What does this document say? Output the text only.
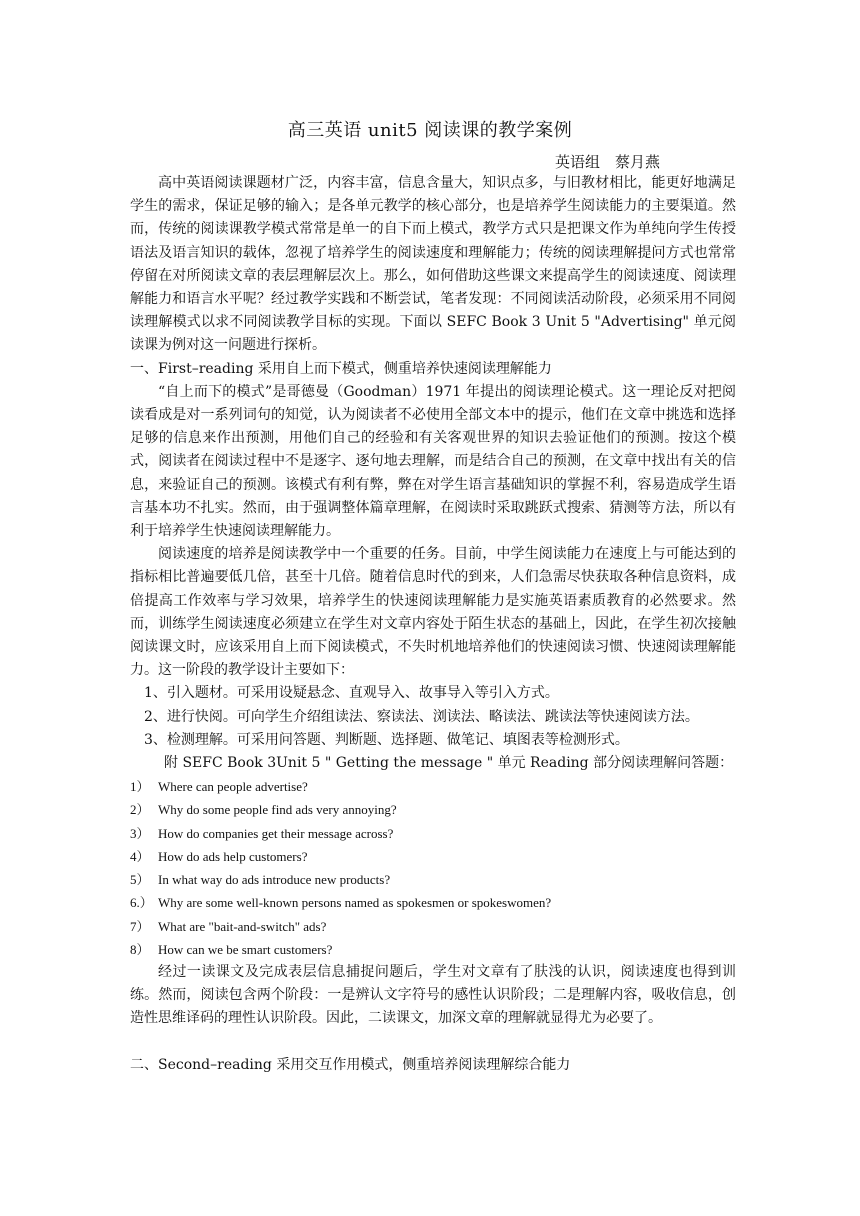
高三英语 unit5 阅读课的教学案例
英语组　蔡月燕

高中英语阅读课题材广泛，内容丰富，信息含量大，知识点多，与旧教材相比，能更好地满足学生的需求，保证足够的输入；是各单元教学的核心部分，也是培养学生阅读能力的主要渠道。然而，传统的阅读课教学模式常常是单一的自下而上模式，教学方式只是把课文作为单纯向学生传授语法及语言知识的载体，忽视了培养学生的阅读速度和理解能力；传统的阅读理解提问方式也常常停留在对所阅读文章的表层理解层次上。那么，如何借助这些课文来提高学生的阅读速度、阅读理解能力和语言水平呢？经过教学实践和不断尝试，笔者发现：不同阅读活动阶段，必须采用不同阅读理解模式以求不同阅读教学目标的实现。下面以 SEFC Book 3 Unit 5 "Advertising" 单元阅读课为例对这一问题进行探析。

一、First–reading 采用自上而下模式，侧重培养快速阅读理解能力

“自上而下的模式”是哥德曼（Goodman）1971 年提出的阅读理论模式。这一理论反对把阅读看成是对一系列词句的知觉，认为阅读者不必使用全部文本中的提示，他们在文章中挑选和选择足够的信息来作出预测，用他们自己的经验和有关客观世界的知识去验证他们的预测。按这个模式，阅读者在阅读过程中不是逐字、逐句地去理解，而是结合自己的预测，在文章中找出有关的信息，来验证自己的预测。该模式有利有弊，弊在对学生语言基础知识的掌握不利，容易造成学生语言基本功不扎实。然而，由于强调整体篇章理解，在阅读时采取跳跃式搜索、猜测等方法，所以有利于培养学生快速阅读理解能力。

阅读速度的培养是阅读教学中一个重要的任务。目前，中学生阅读能力在速度上与可能达到的指标相比普遍要低几倍，甚至十几倍。随着信息时代的到来，人们急需尽快获取各种信息资料，成倍提高工作效率与学习效果，培养学生的快速阅读理解能力是实施英语素质教育的必然要求。然而，训练学生阅读速度必须建立在学生对文章内容处于陌生状态的基础上，因此，在学生初次接触阅读课文时，应该采用自上而下阅读模式，不失时机地培养他们的快速阅读习惯、快速阅读理解能力。这一阶段的教学设计主要如下：

1、引入题材。可采用设疑悬念、直观导入、故事导入等引入方式。

2、进行快阅。可向学生介绍组读法、察读法、浏读法、略读法、跳读法等快速阅读方法。

3、检测理解。可采用问答题、判断题、选择题、做笔记、填图表等检测形式。

附 SEFC Book 3Unit 5 " Getting the message " 单元 Reading 部分阅读理解问答题：

1） Where can people advertise?

2） Why do some people find ads very annoying?

3） How do companies get their message across?

4） How do ads help customers?

5） In what way do ads introduce new products?

6.） Why are some well-known persons named as spokesmen or spokeswomen?

7） What are "bait-and-switch" ads?

8） How can we be smart customers?

经过一读课文及完成表层信息捕捉问题后，学生对文章有了肤浅的认识，阅读速度也得到训练。然而，阅读包含两个阶段：一是辨认文字符号的感性认识阶段；二是理解内容，吸收信息，创造性思维译码的理性认识阶段。因此，二读课文，加深文章的理解就显得尤为必要了。

二、Second–reading 采用交互作用模式，侧重培养阅读理解综合能力
